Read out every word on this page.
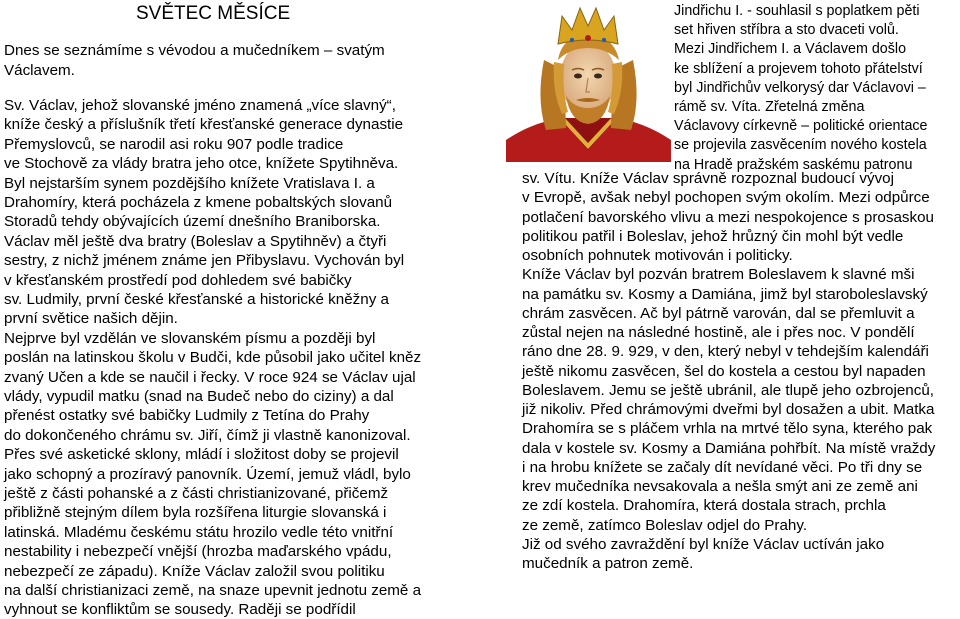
SVĚTEC MĚSÍCE
Dnes se seznámíme s vévodou a mučedníkem – svatým
Václavem.
Sv. Václav, jehož slovanské jméno znamená „více slavný“,
kníže český a příslušník třetí křesťanské generace dynastie
Přemyslovců, se narodil asi roku 907 podle tradice
ve Stochově za vlády bratra jeho otce, knížete Spytihněva.
Byl nejstarším synem pozdějšího knížete Vratislava I. a
Drahomíry, která pocházela z kmene pobaltských slovanů
Storadů tehdy obývajících území dnešního Braniborska.
Václav měl ještě dva bratry (Boleslav a Spytihněv) a čtyři
sestry, z nichž jménem známe jen Přibyslavu. Vychován byl
v křesťanském prostředí pod dohledem své babičky
sv. Ludmily, první české křesťanské a historické kněžny a
první světice našich dějin.
Nejprve byl vzdělán ve slovanském písmu a později byl
poslán na latinskou školu v Budči, kde působil jako učitel kněz
zvaný Učen a kde se naučil i řecky. V roce 924 se Václav ujal
vlády, vypudil matku (snad na Budeč nebo do ciziny) a dal
přenést ostatky své babičky Ludmily z Tetína do Prahy
do dokončeného chrámu sv. Jiří, čímž ji vlastně kanonizoval.
Přes své asketické sklony, mládí i složitost doby se projevil
jako schopný a prozíravý panovník. Území, jemuž vládl, bylo
ještě z části pohanské a z části christianizované, přičemž
přibližně stejným dílem byla rozšířena liturgie slovanská i
latinská. Mladému českému státu hrozilo vedle této vnitřní
nestability i nebezpečí vnější (hrozba maďarského vpádu,
nebezpečí ze západu). Kníže Václav založil svou politiku
na další christianizaci země, na snaze upevnit jednotu země a
vyhnout se konfliktům se sousedy. Raději se podřídil
Jindřichu I. - souhlasil s poplatkem pěti
set hřiven stříbra a sto dvaceti volů.
Mezi Jindřichem I. a Václavem došlo
ke sblížení a projevem tohoto přátelství
byl Jindřichův velkorysý dar Václavovi –
rámě sv. Víta. Zřetelná změna
Václavovy církevně – politické orientace
se projevila zasvěcením nového kostela
na Hradě pražském saskému patronu
sv. Vítu. Kníže Václav správně rozpoznal budoucí vývoj
v Evropě, avšak nebyl pochopen svým okolím. Mezi odpůrce
potlačení bavorského vlivu a mezi nespokojence s prosaskou
politikou patřil i Boleslav, jehož hrůzný čin mohl být vedle
osobních pohnutek motivován i politicky.
Kníže Václav byl pozván bratrem Boleslavem k slavné mši
na památku sv. Kosmy a Damiána, jimž byl staroboleslavský
chrám zasvěcen. Ač byl pátrně varován, dal se přemluvit a
zůstal nejen na následné hostině, ale i přes noc. V pondělí
ráno dne 28. 9. 929, v den, který nebyl v tehdejším kalendáři
ještě nikomu zasvěcen, šel do kostela a cestou byl napaden
Boleslavem. Jemu se ještě ubránil, ale tlupě jeho ozbrojenců,
již nikoliv. Před chrámovými dveřmi byl dosažen a ubit. Matka
Drahomíra se s pláčem vrhla na mrtvé tělo syna, kterého pak
dala v kostele sv. Kosmy a Damiána pohřbít. Na místě vraždy
i na hrobu knížete se začaly dít nevídané věci. Po tři dny se
krev mučedníka nevsakovala a nešla smýt ani ze země ani
ze zdí kostela. Drahomíra, která dostala strach, prchla
ze země, zatímco Boleslav odjel do Prahy.
Již od svého zavraždění byl kníže Václav uctíván jako
mučedník a patron země.
